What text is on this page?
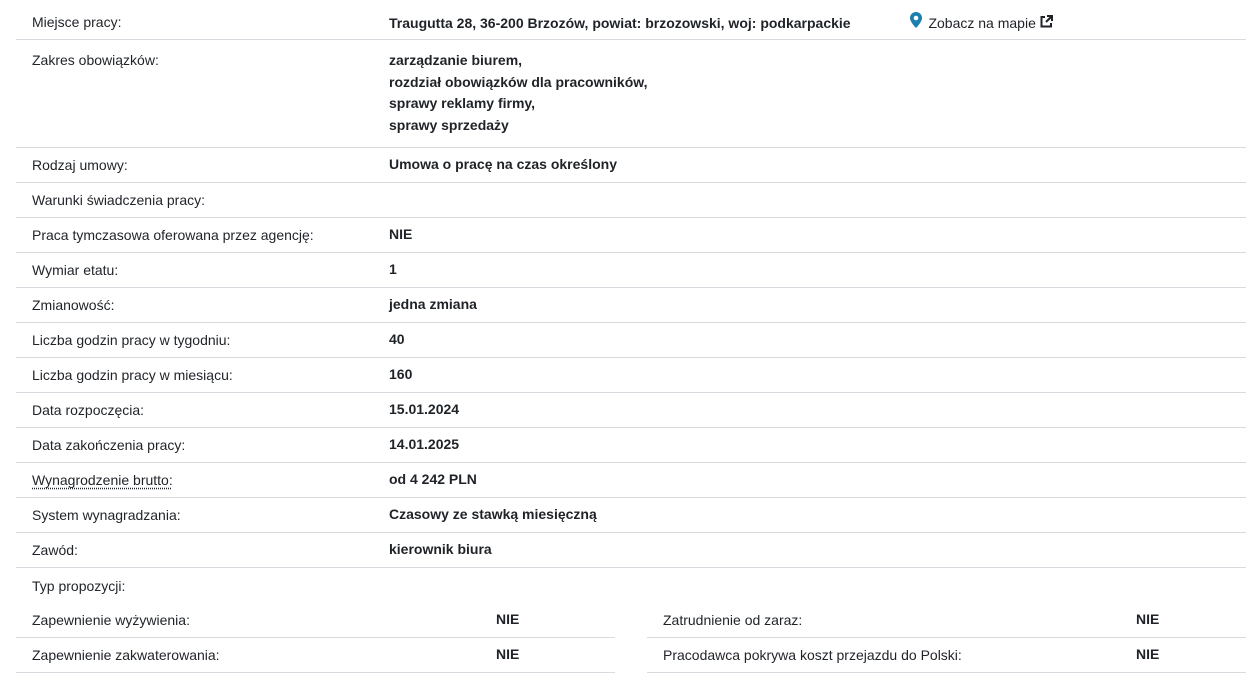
Miejsce pracy:	Traugutta 28, 36-200 Brzozów, powiat: brzozowski, woj: podkarpackie	Zobacz na mapie
Zakres obowiązków:	zarządzanie biurem,
rozdział obowiązków dla pracowników,
sprawy reklamy firmy,
sprawy sprzedaży
Rodzaj umowy:	Umowa o pracę na czas określony
Warunki świadczenia pracy:
Praca tymczasowa oferowana przez agencję:	NIE
Wymiar etatu:	1
Zmianowość:	jedna zmiana
Liczba godzin pracy w tygodniu:	40
Liczba godzin pracy w miesiącu:	160
Data rozpoczęcia:	15.01.2024
Data zakończenia pracy:	14.01.2025
Wynagrodzenie brutto:	od 4 242 PLN
System wynagradzania:	Czasowy ze stawką miesięczną
Zawód:	kierownik biura
Typ propozycji:
Zapewnienie wyżywienia:	NIE
Zapewnienie zakwaterowania:	NIE
Zatrudnienie od zaraz:	NIE
Pracodawca pokrywa koszt przejazdu do Polski:	NIE
